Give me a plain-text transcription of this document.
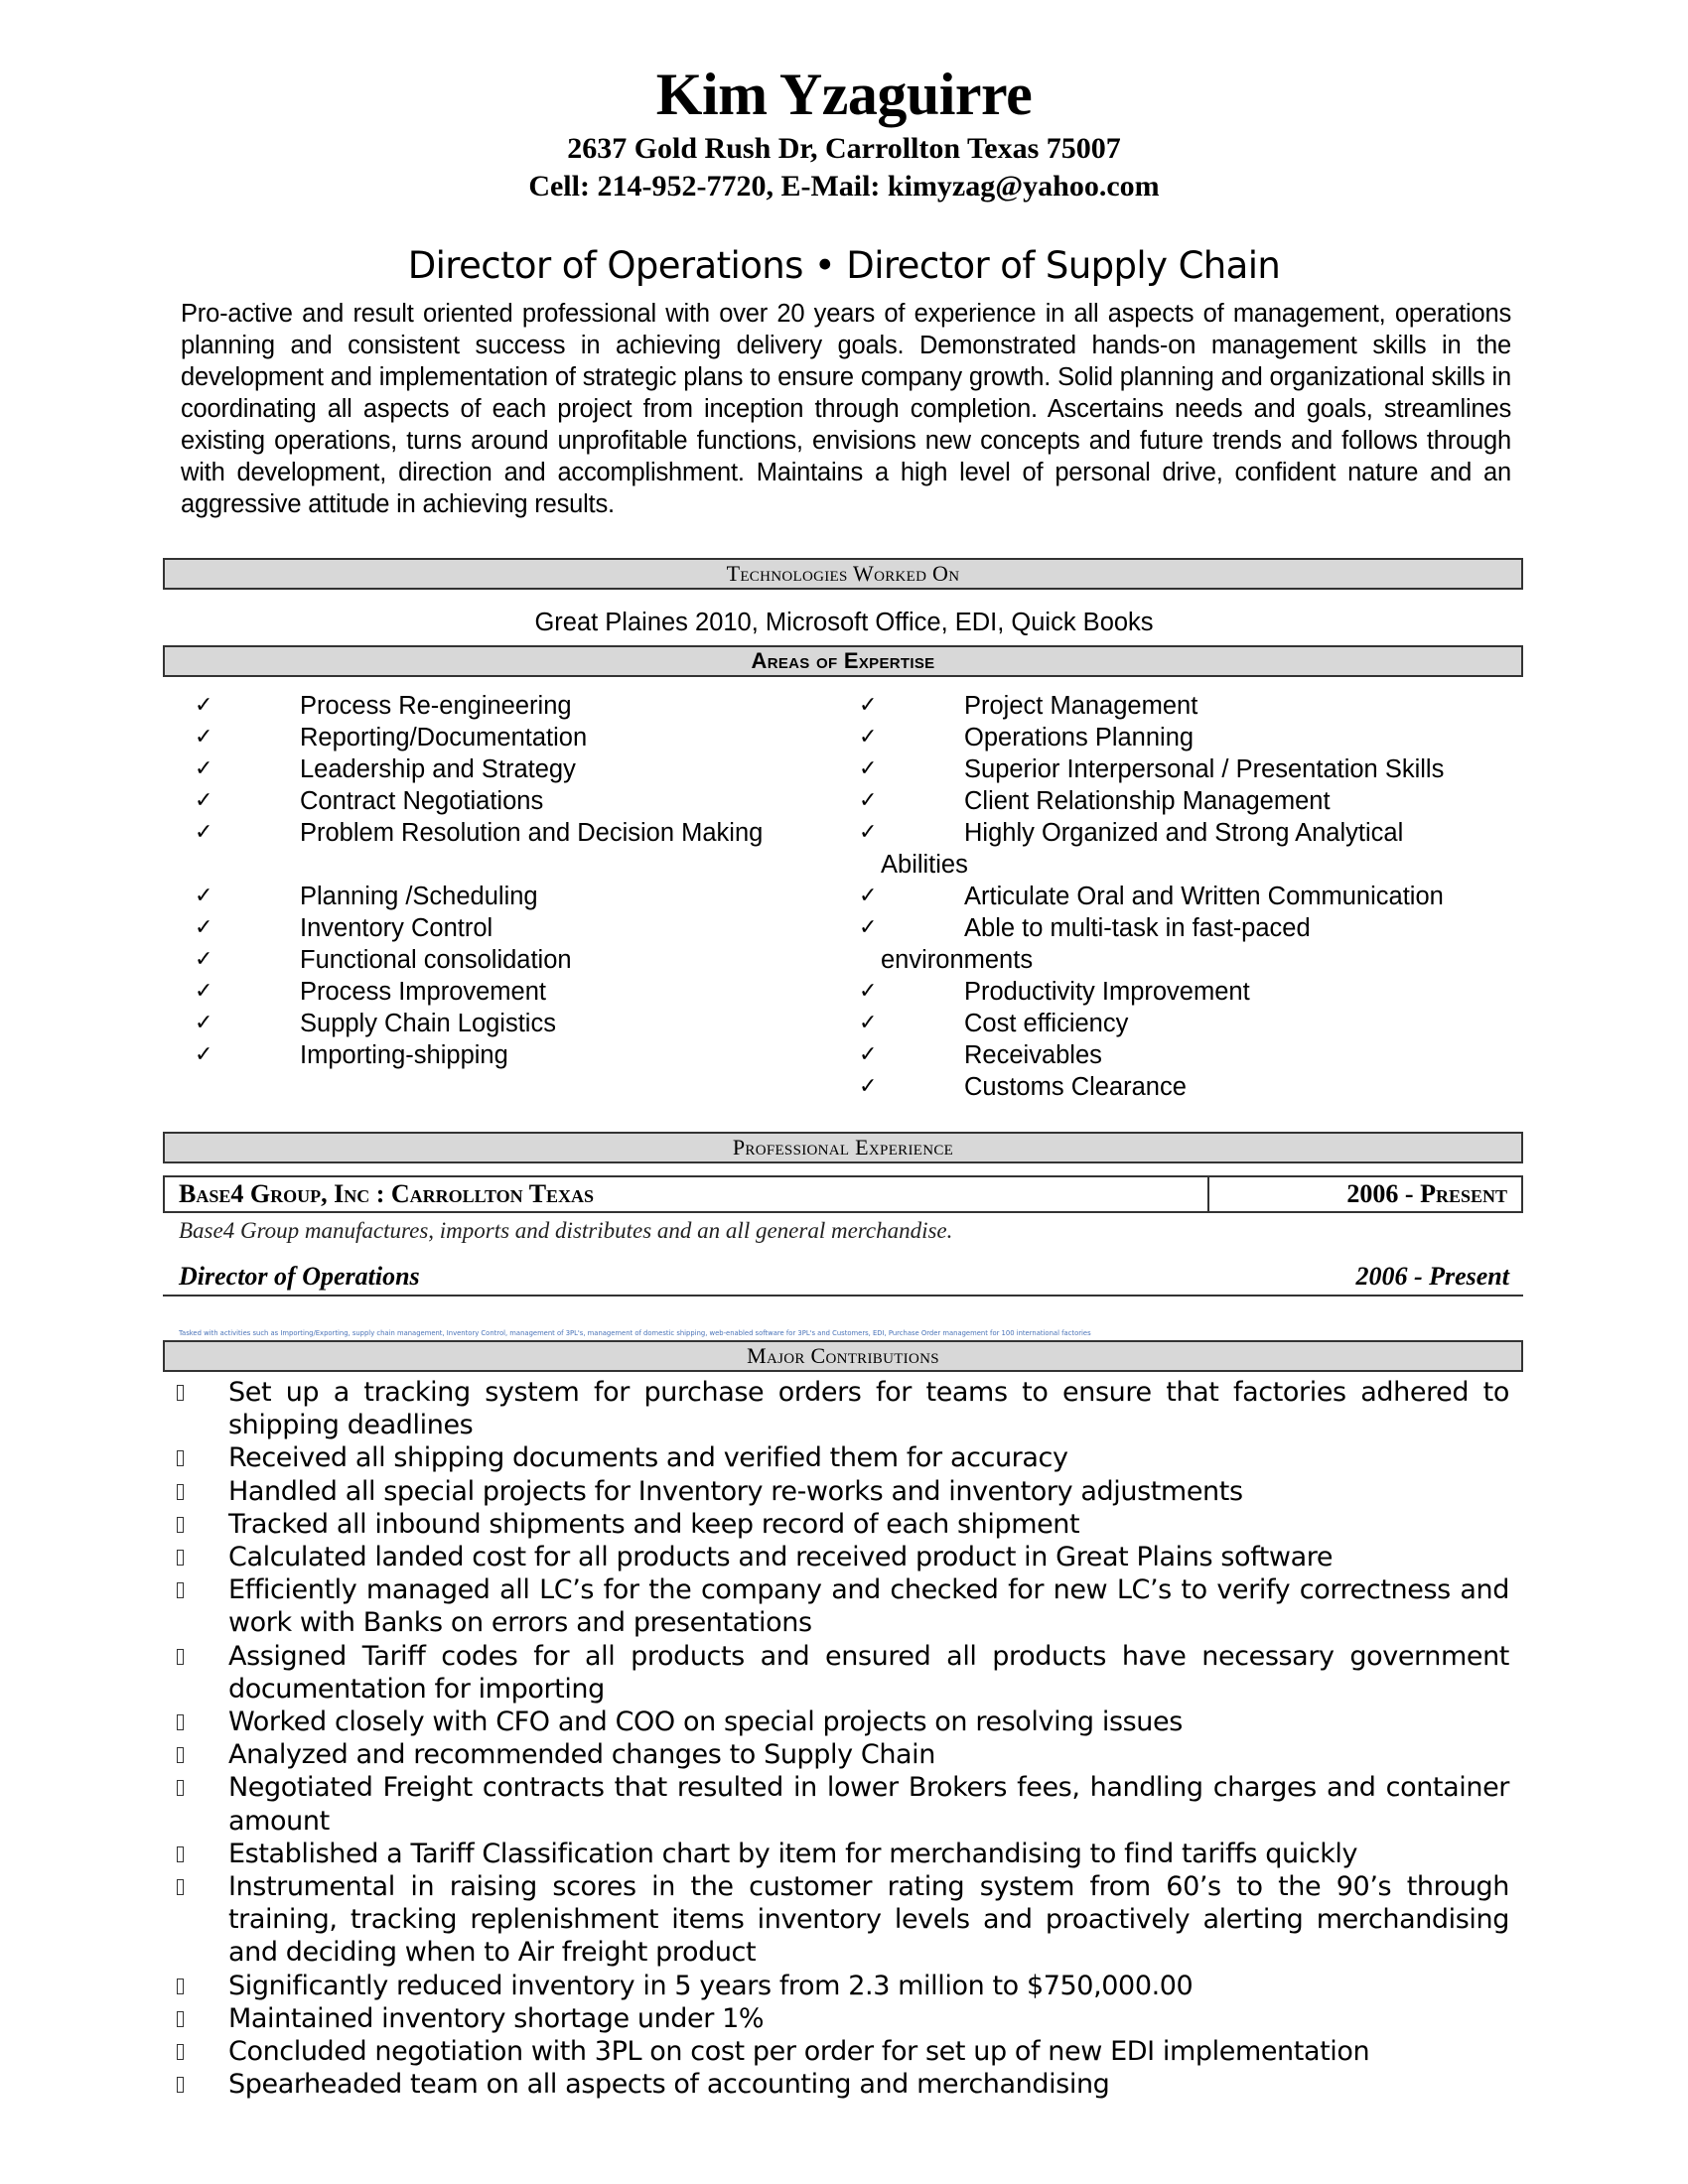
Kim Yzaguirre
2637 Gold Rush Dr, Carrollton Texas 75007
Cell: 214-952-7720, E-Mail: kimyzag@yahoo.com
Director of Operations • Director of Supply Chain
Pro-active and result oriented professional with over 20 years of experience in all aspects of management, operations planning and consistent success in achieving delivery goals. Demonstrated hands-on management skills in the development and implementation of strategic plans to ensure company growth. Solid planning and organizational skills in coordinating all aspects of each project from inception through completion. Ascertains needs and goals, streamlines existing operations, turns around unprofitable functions, envisions new concepts and future trends and follows through with development, direction and accomplishment. Maintains a high level of personal drive, confident nature and an aggressive attitude in achieving results.
Technologies Worked On
Great Plaines 2010, Microsoft Office, EDI, Quick Books
Areas of Expertise
✓	Process Re-engineering
✓	Reporting/Documentation
✓	Leadership and Strategy
✓	Contract Negotiations
✓	Problem Resolution and Decision Making
✓	Planning /Scheduling
✓	Inventory Control
✓	Functional consolidation
✓	Process Improvement
✓	Supply Chain Logistics
✓	Importing-shipping
✓	Project Management
✓	Operations Planning
✓	Superior Interpersonal / Presentation Skills
✓	Client Relationship Management
✓	Highly Organized and Strong Analytical
Abilities
✓	Articulate Oral and Written Communication
✓	Able to multi-task in fast-paced
environments
✓	Productivity Improvement
✓	Cost efficiency
✓	Receivables
✓	Customs Clearance
Professional Experience
Base4 Group, Inc : Carrollton Texas	2006 - Present
Base4 Group manufactures, imports and distributes and an all general merchandise.
Director of Operations	2006 - Present
Tasked with activities such as Importing/Exporting, supply chain management, Inventory Control, management of 3PL's, management of domestic shipping, web-enabled software for 3PL's and Customers, EDI, Purchase Order management for 100 international factories
Major Contributions
Set up a tracking system for purchase orders for teams to ensure that factories adhered to shipping deadlines
Received all shipping documents and verified them for accuracy
Handled all special projects for Inventory re-works and inventory adjustments
Tracked all inbound shipments and keep record of each shipment
Calculated landed cost for all products and received product in Great Plains software
Efficiently managed all LC’s for the company and checked for new LC’s to verify correctness and work with Banks on errors and presentations
Assigned Tariff codes for all products and ensured all products have necessary government documentation for importing
Worked closely with CFO and COO on special projects on resolving issues
Analyzed and recommended changes to Supply Chain
Negotiated Freight contracts that resulted in lower Brokers fees, handling charges and container amount
Established a Tariff Classification chart by item for merchandising to find tariffs quickly
Instrumental in raising scores in the customer rating system from 60’s to the 90’s through training, tracking replenishment items inventory levels and proactively alerting merchandising and deciding when to Air freight product
Significantly reduced inventory in 5 years from 2.3 million to $750,000.00
Maintained inventory shortage under 1%
Concluded negotiation with 3PL on cost per order for set up of new EDI implementation
Spearheaded team on all aspects of accounting and merchandising
